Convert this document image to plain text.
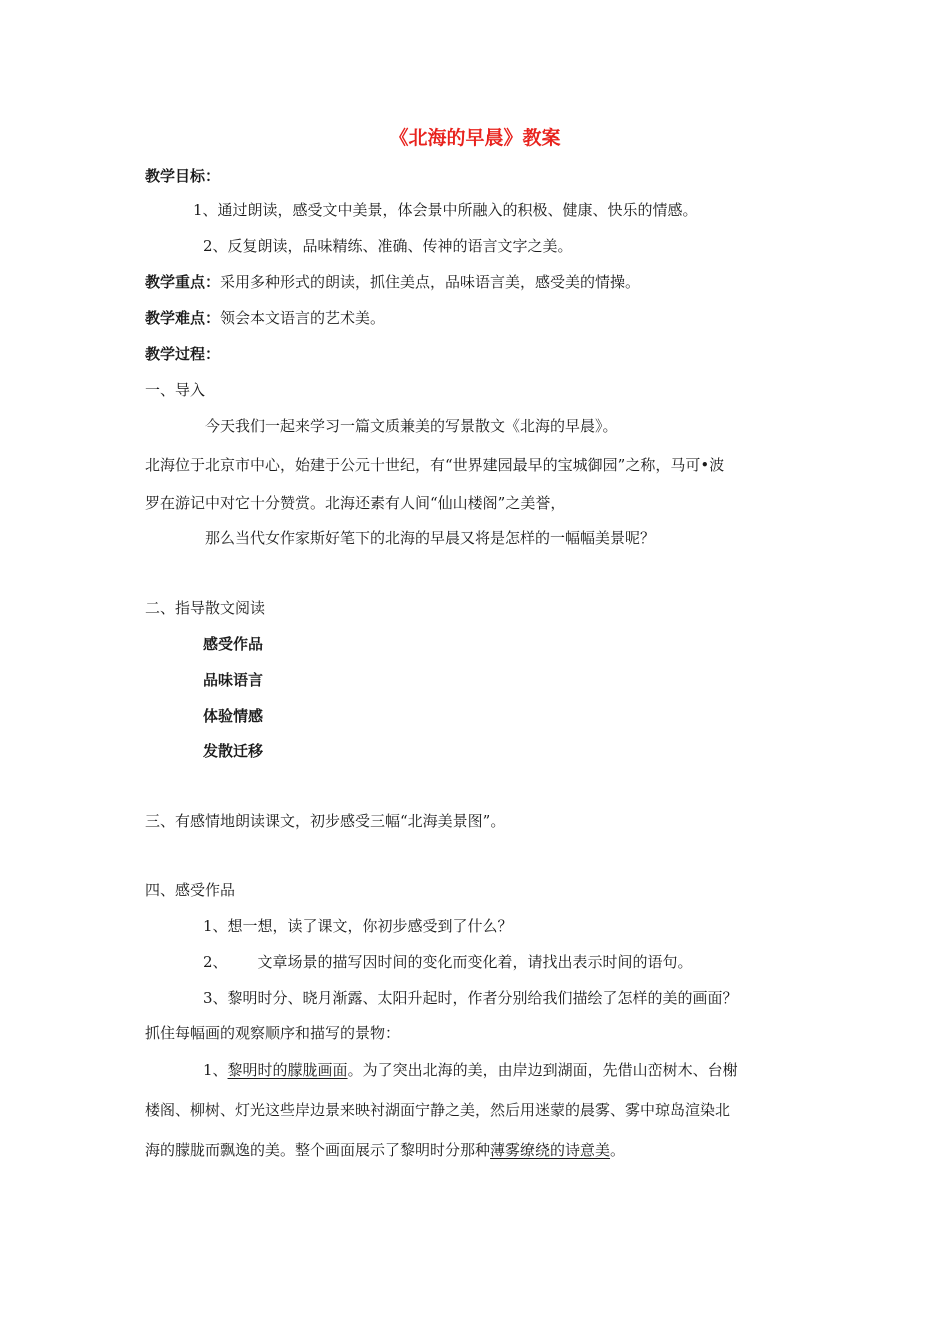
《北海的早晨》教案
教学目标：
1、通过朗读，感受文中美景，体会景中所融入的积极、健康、快乐的情感。
2、反复朗读，品味精练、准确、传神的语言文字之美。
教学重点：采用多种形式的朗读，抓住美点，品味语言美，感受美的情操。
教学难点：领会本文语言的艺术美。
教学过程：
一、导入
今天我们一起来学习一篇文质兼美的写景散文《北海的早晨》。
北海位于北京市中心，始建于公元十世纪，有“世界建园最早的宝城御园”之称，马可•波
罗在游记中对它十分赞赏。北海还素有人间“仙山楼阁”之美誉，
那么当代女作家斯好笔下的北海的早晨又将是怎样的一幅幅美景呢？
二、指导散文阅读
感受作品
品味语言
体验情感
发散迁移
三、有感情地朗读课文，初步感受三幅“北海美景图”。
四、感受作品
1、想一想，读了课文，你初步感受到了什么？
2、 文章场景的描写因时间的变化而变化着，请找出表示时间的语句。
3、黎明时分、晓月渐露、太阳升起时，作者分别给我们描绘了怎样的美的画面？
抓住每幅画的观察顺序和描写的景物：
1、黎明时的朦胧画面。为了突出北海的美，由岸边到湖面，先借山峦树木、台榭
楼阁、柳树、灯光这些岸边景来映衬湖面宁静之美，然后用迷蒙的晨雾、雾中琼岛渲染北
海的朦胧而飘逸的美。整个画面展示了黎明时分那种薄雾缭绕的诗意美。
